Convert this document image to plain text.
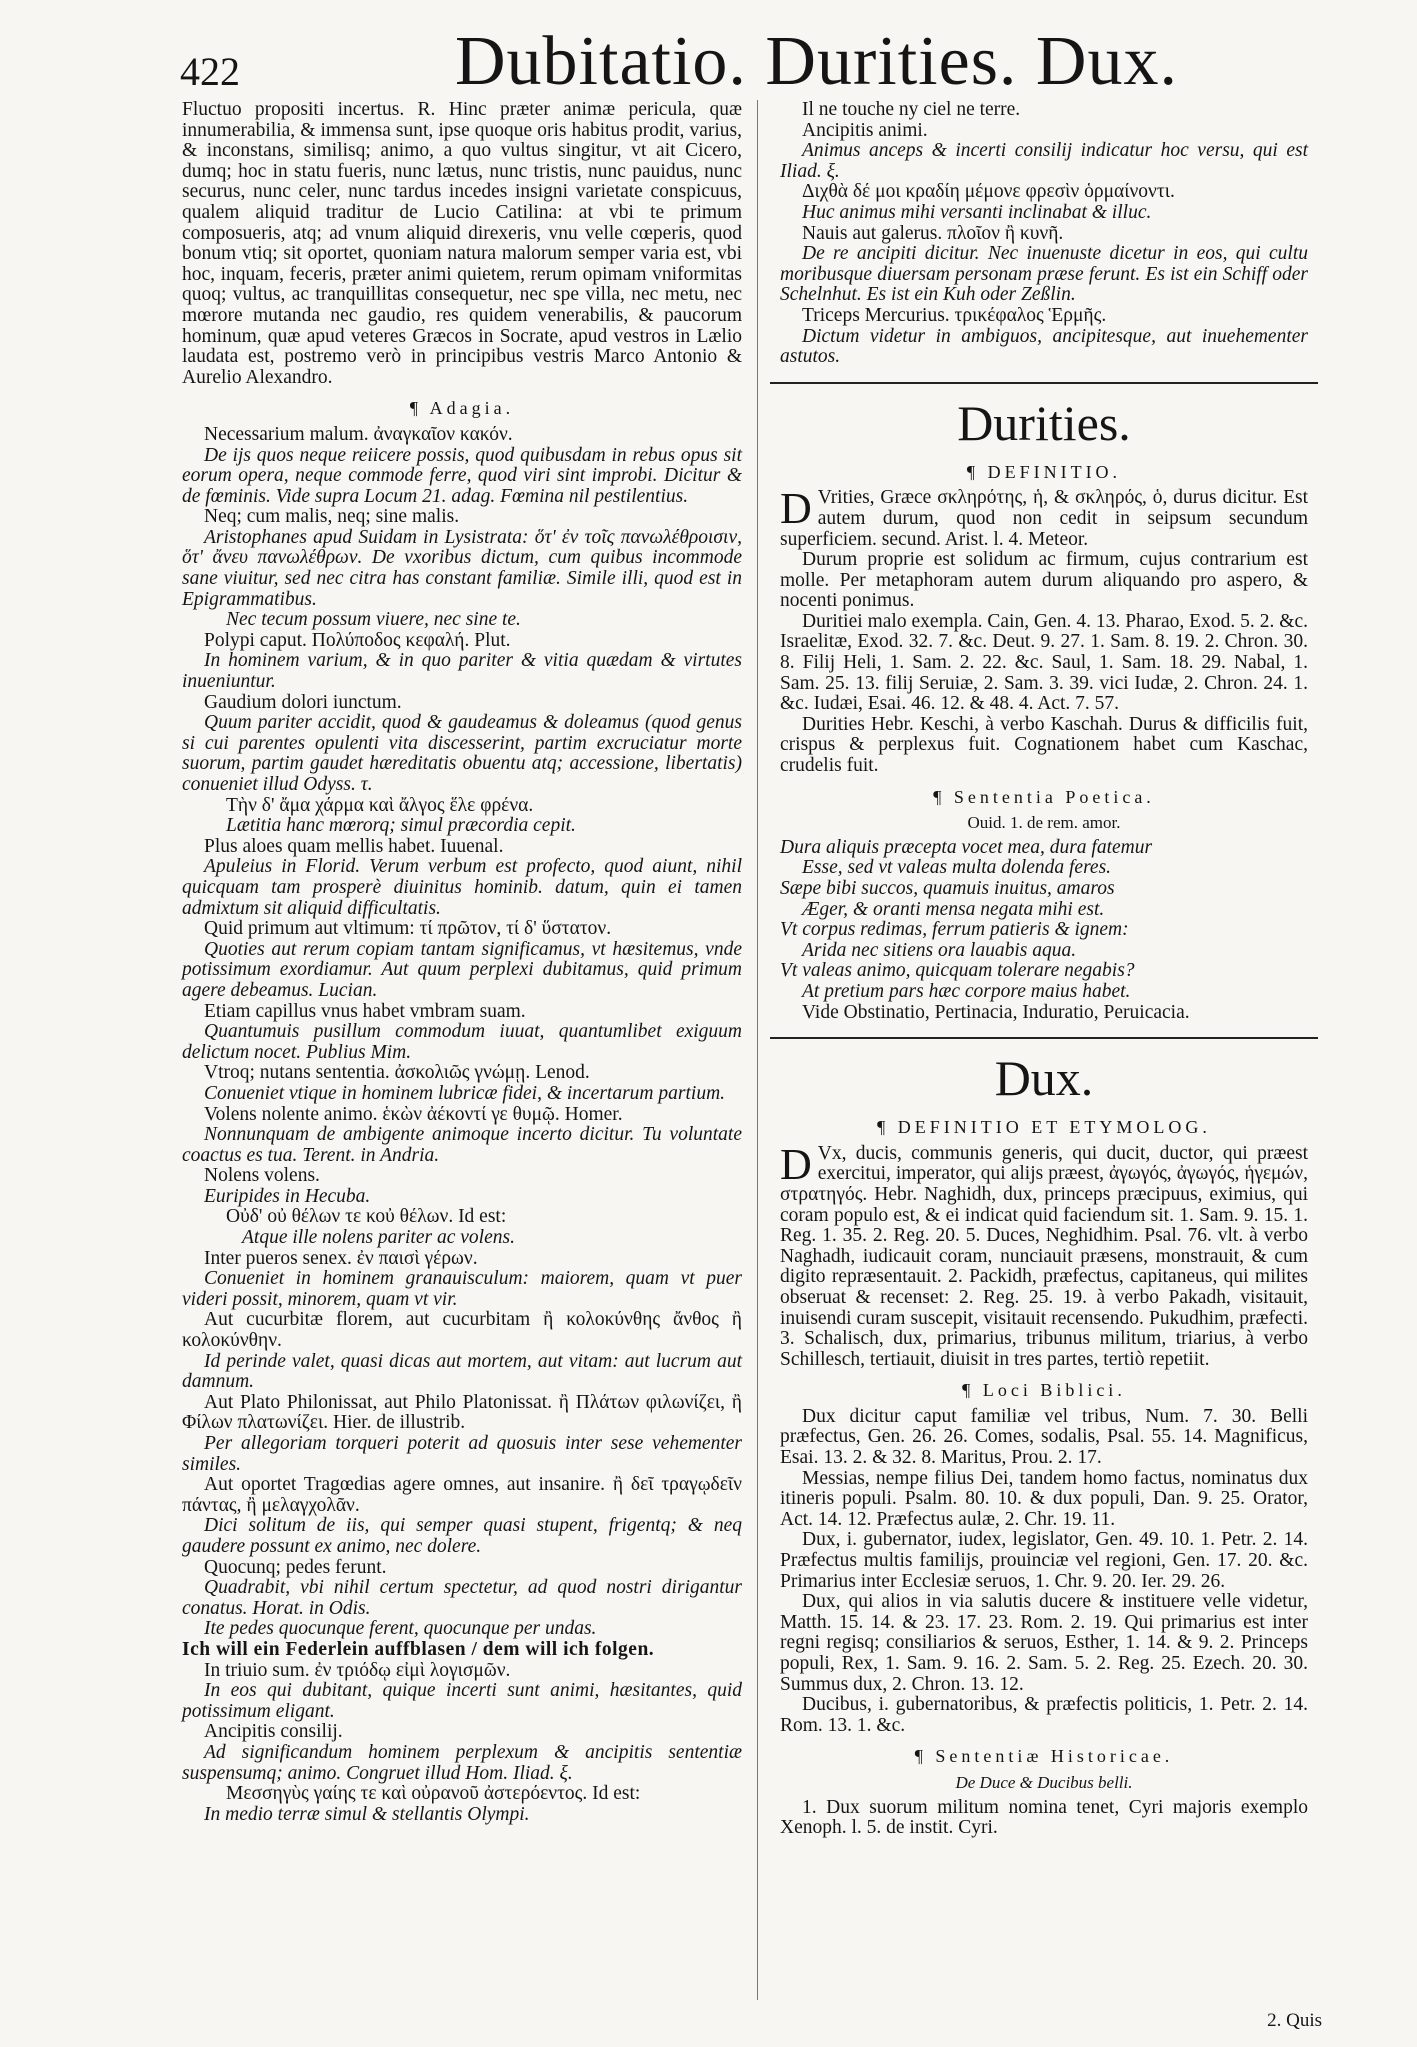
422	Dubitatio. Durities. Dux.

Fluctuo propositi incertus. R. Hinc præter animæ pericula, quæ innumerabilia, & immensa sunt, ipse quoque oris habitus prodit, varius, & inconstans, similisq; animo, a quo vultus singitur, vt ait Cicero, dumq; hoc in statu fueris, nunc lætus, nunc tristis, nunc pauidus, nunc securus, nunc celer, nunc tardus incedes insigni varietate conspicuus, qualem aliquid traditur de Lucio Catilina: at vbi te primum composueris, atq; ad vnum aliquid direxeris, vnu velle cœperis, quod bonum vtiq; sit oportet, quoniam natura malorum semper varia est, vbi hoc, inquam, feceris, præter animi quietem, rerum opimam vniformitas quoq; vultus, ac tranquillitas consequetur, nec spe villa, nec metu, nec mœrore mutanda nec gaudio, res quidem venerabilis, & paucorum hominum, quæ apud veteres Græcos in Socrate, apud vestros in Lælio laudata est, postremo verò in principibus vestris Marco Antonio & Aurelio Alexandro.

¶ Adagia.

Necessarium malum. ἀναγκαῖον κακόν.

De ijs quos neque reiicere possis, quod quibusdam in rebus opus sit eorum opera, neque commode ferre, quod viri sint improbi. Dicitur & de fœminis. Vide supra Locum 21. adag. Fœmina nil pestilentius.

Neq; cum malis, neq; sine malis.

Aristophanes apud Suidam in Lysistrata: ὅτ' ἐν τοῖς πανωλέθροισιν, ὅτ' ἄνευ πανωλέθρων. De vxoribus dictum, cum quibus incommode sane viuitur, sed nec citra has constant familiæ. Simile illi, quod est in Epigrammatibus.

Nec tecum possum viuere, nec sine te.

Polypi caput. Πολύποδος κεφαλή. Plut.

In hominem varium, & in quo pariter & vitia quædam & virtutes inueniuntur.

Gaudium dolori iunctum.

Quum pariter accidit, quod & gaudeamus & doleamus (quod genus si cui parentes opulenti vita discesserint, partim excruciatur morte suorum, partim gaudet hæreditatis obuentu atq; accessione, libertatis) conueniet illud Odyss. τ.

Τὴν δ' ἄμα χάρμα καὶ ἄλγος ἕλε φρένα.

Lætitia hanc mœrorq; simul præcordia cepit.

Plus aloes quam mellis habet. Iuuenal.

Apuleius in Florid. Verum verbum est profecto, quod aiunt, nihil quicquam tam prosperè diuinitus hominib. datum, quin ei tamen admixtum sit aliquid difficultatis.

Quid primum aut vltimum: τί πρῶτον, τί δ' ὕστατον.

Quoties aut rerum copiam tantam significamus, vt hæsitemus, vnde potissimum exordiamur. Aut quum perplexi dubitamus, quid primum agere debeamus. Lucian.

Etiam capillus vnus habet vmbram suam.

Quantumuis pusillum commodum iuuat, quantumlibet exiguum delictum nocet. Publius Mim.

Vtroq; nutans sententia. ἀσκολιῶς γνώμῃ. Lenod.

Conueniet vtique in hominem lubricæ fidei, & incertarum partium.

Volens nolente animo. ἑκὼν ἀέκοντί γε θυμῷ. Homer.

Nonnunquam de ambigente animoque incerto dicitur. Tu voluntate coactus es tua. Terent. in Andria.

Nolens volens.

Euripides in Hecuba.

Οὐδ' οὐ θέλων τε κοὐ θέλων. Id est:

Atque ille nolens pariter ac volens.

Inter pueros senex. ἐν παισὶ γέρων.

Conueniet in hominem granauisculum: maiorem, quam vt puer videri possit, minorem, quam vt vir.

Aut cucurbitæ florem, aut cucurbitam ἢ κολοκύνθης ἄνθος ἢ κολοκύνθην.

Id perinde valet, quasi dicas aut mortem, aut vitam: aut lucrum aut damnum.

Aut Plato Philonissat, aut Philo Platonissat. ἢ Πλάτων φιλωνίζει, ἢ Φίλων πλατωνίζει. Hier. de illustrib.

Per allegoriam torqueri poterit ad quosuis inter sese vehementer similes.

Aut oportet Tragœdias agere omnes, aut insanire. ἢ δεῖ τραγῳδεῖν πάντας, ἢ μελαγχολᾶν.

Dici solitum de iis, qui semper quasi stupent, frigentq; & neq gaudere possunt ex animo, nec dolere.

Quocunq; pedes ferunt.

Quadrabit, vbi nihil certum spectetur, ad quod nostri dirigantur conatus. Horat. in Odis.

Ite pedes quocunque ferent, quocunque per undas.

Ich will ein Federlein auffblasen / dem will ich folgen.

In triuio sum. ἐν τριόδῳ εἰμὶ λογισμῶν.

In eos qui dubitant, quique incerti sunt animi, hæsitantes, quid potissimum eligant.

Ancipitis consilij.

Ad significandum hominem perplexum & ancipitis sententiæ suspensumq; animo. Congruet illud Hom. Iliad. ξ.

Μεσσηγὺς γαίης τε καὶ οὐρανοῦ ἀστερόεντος. Id est:

In medio terræ simul & stellantis Olympi.

Il ne touche ny ciel ne terre.

Ancipitis animi.

Animus anceps & incerti consilij indicatur hoc versu, qui est Iliad. ξ.

Διχθὰ δέ μοι κραδίη μέμονε φρεσὶν ὁρμαίνοντι.

Huc animus mihi versanti inclinabat & illuc.

Nauis aut galerus. πλοῖον ἢ κυνῆ.

De re ancipiti dicitur. Nec inuenuste dicetur in eos, qui cultu moribusque diuersam personam præse ferunt. Es ist ein Schiff oder Schelnhut. Es ist ein Kuh oder Zeßlin.

Triceps Mercurius. τρικέφαλος Ἑρμῆς.

Dictum videtur in ambiguos, ancipitesque, aut inuehementer astutos.

Durities.

¶ DEFINITIO.

D Vrities, Græce σκληρότης, ἡ, & σκληρός, ὁ, durus dicitur. Est autem durum, quod non cedit in seipsum secundum superficiem. secund. Arist. l. 4. Meteor.

Durum proprie est solidum ac firmum, cujus contrarium est molle. Per metaphoram autem durum aliquando pro aspero, & nocenti ponimus.

Duritiei malo exempla. Cain, Gen. 4. 13. Pharao, Exod. 5. 2. &c. Israelitæ, Exod. 32. 7. &c. Deut. 9. 27. 1. Sam. 8. 19. 2. Chron. 30. 8. Filij Heli, 1. Sam. 2. 22. &c. Saul, 1. Sam. 18. 29. Nabal, 1. Sam. 25. 13. filij Seruiæ, 2. Sam. 3. 39. vici Iudæ, 2. Chron. 24. 1. &c. Iudæi, Esai. 46. 12. & 48. 4. Act. 7. 57.

Durities Hebr. Keschi, à verbo Kaschah. Durus & difficilis fuit, crispus & perplexus fuit. Cognationem habet cum Kaschac, crudelis fuit.

¶ Sententia Poetica.

Ouid. 1. de rem. amor.

Dura aliquis præcepta vocet mea, dura fatemur

Esse, sed vt valeas multa dolenda feres.

Sæpe bibi succos, quamuis inuitus, amaros

Æger, & oranti mensa negata mihi est.

Vt corpus redimas, ferrum patieris & ignem:

Arida nec sitiens ora lauabis aqua.

Vt valeas animo, quicquam tolerare negabis?

At pretium pars hæc corpore maius habet.

Vide Obstinatio, Pertinacia, Induratio, Peruicacia.

Dux.

¶ DEFINITIO ET ETYMOLOG.

D Vx, ducis, communis generis, qui ducit, ductor, qui præest exercitui, imperator, qui alijs præest, ἀγωγός, ἀγωγός, ἡγεμών, στρατηγός. Hebr. Naghidh, dux, princeps præcipuus, eximius, qui coram populo est, & ei indicat quid faciendum sit. 1. Sam. 9. 15. 1. Reg. 1. 35. 2. Reg. 20. 5. Duces, Neghidhim. Psal. 76. vlt. à verbo Naghadh, iudicauit coram, nunciauit præsens, monstrauit, & cum digito repræsentauit. 2. Packidh, præfectus, capitaneus, qui milites obseruat & recenset: 2. Reg. 25. 19. à verbo Pakadh, visitauit, inuisendi curam suscepit, visitauit recensendo. Pukudhim, præfecti. 3. Schalisch, dux, primarius, tribunus militum, triarius, à verbo Schillesch, tertiauit, diuisit in tres partes, tertiò repetiit.

¶ Loci Biblici.

Dux dicitur caput familiæ vel tribus, Num. 7. 30. Belli præfectus, Gen. 26. 26. Comes, sodalis, Psal. 55. 14. Magnificus, Esai. 13. 2. & 32. 8. Maritus, Prou. 2. 17.

Messias, nempe filius Dei, tandem homo factus, nominatus dux itineris populi. Psalm. 80. 10. & dux populi, Dan. 9. 25. Orator, Act. 14. 12. Præfectus aulæ, 2. Chr. 19. 11.

Dux, i. gubernator, iudex, legislator, Gen. 49. 10. 1. Petr. 2. 14. Præfectus multis familijs, prouinciæ vel regioni, Gen. 17. 20. &c. Primarius inter Ecclesiæ seruos, 1. Chr. 9. 20. Ier. 29. 26.

Dux, qui alios in via salutis ducere & instituere velle videtur, Matth. 15. 14. & 23. 17. 23. Rom. 2. 19. Qui primarius est inter regni regisq; consiliarios & seruos, Esther, 1. 14. & 9. 2. Princeps populi, Rex, 1. Sam. 9. 16. 2. Sam. 5. 2. Reg. 25. Ezech. 20. 30. Summus dux, 2. Chron. 13. 12.

Ducibus, i. gubernatoribus, & præfectis politicis, 1. Petr. 2. 14. Rom. 13. 1. &c.

¶ Sententiæ Historicae.

De Duce & Ducibus belli.

1. Dux suorum militum nomina tenet, Cyri majoris exemplo Xenoph. l. 5. de instit. Cyri.

2. Quis
